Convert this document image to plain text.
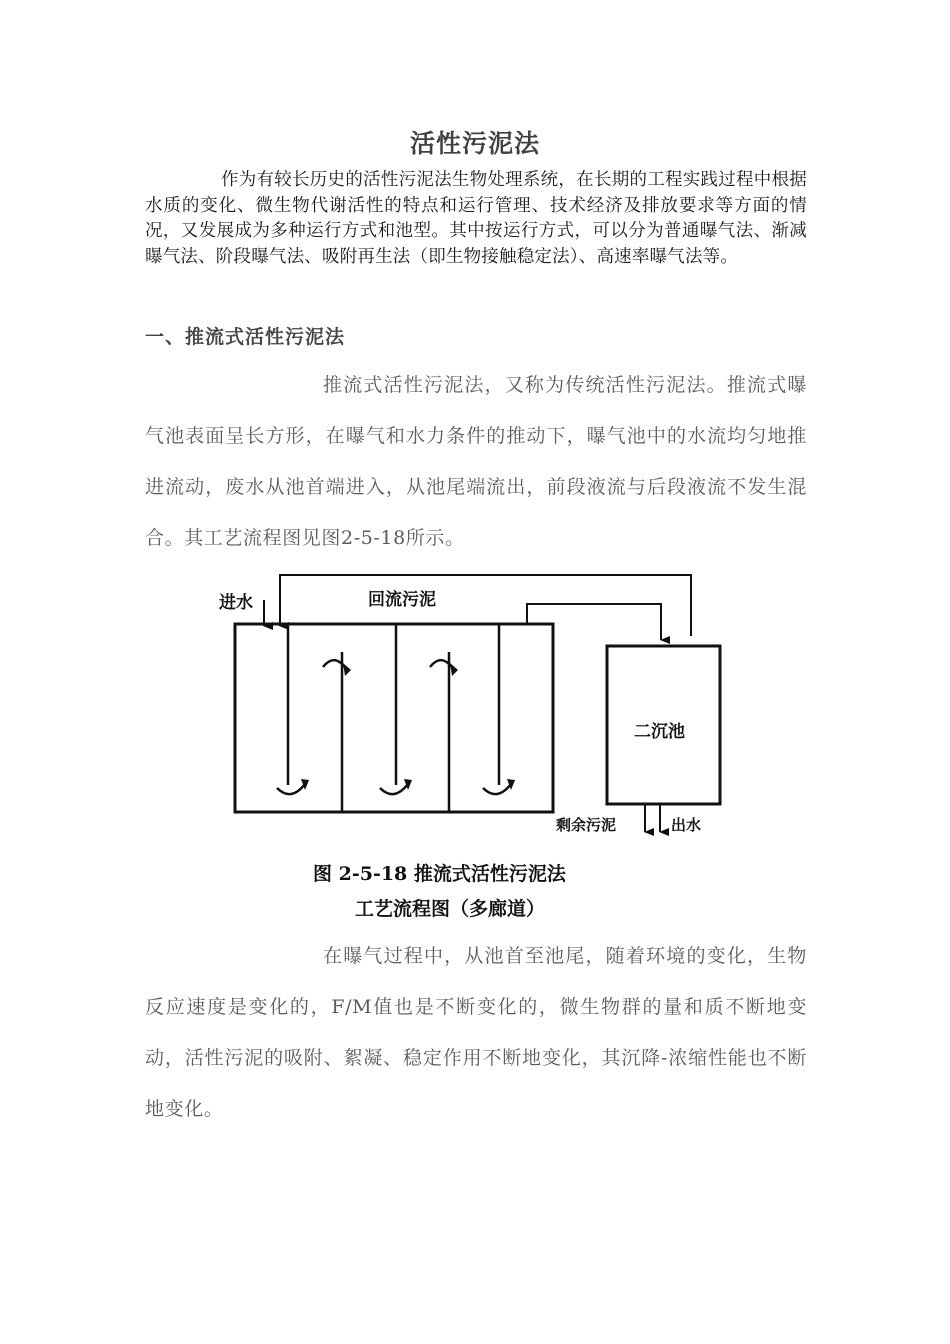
活性污泥法

作为有较长历史的活性污泥法生物处理系统，在长期的工程实践过程中根据水质的变化、微生物代谢活性的特点和运行管理、技术经济及排放要求等方面的情况，又发展成为多种运行方式和池型。其中按运行方式，可以分为普通曝气法、渐减曝气法、阶段曝气法、吸附再生法（即生物接触稳定法）、高速率曝气法等。

一、推流式活性污泥法

推流式活性污泥法，又称为传统活性污泥法。推流式曝气池表面呈长方形，在曝气和水力条件的推动下，曝气池中的水流均匀地推进流动，废水从池首端进入，从池尾端流出，前段液流与后段液流不发生混合。其工艺流程图见图2-5-18所示。

进水	回流污泥

二沉池

剩余污泥	出水

图 2-5-18 推流式活性污泥法

工艺流程图（多廊道）

在曝气过程中，从池首至池尾，随着环境的变化，生物反应速度是变化的，F/M值也是不断变化的，微生物群的量和质不断地变动，活性污泥的吸附、絮凝、稳定作用不断地变化，其沉降-浓缩性能也不断地变化。
